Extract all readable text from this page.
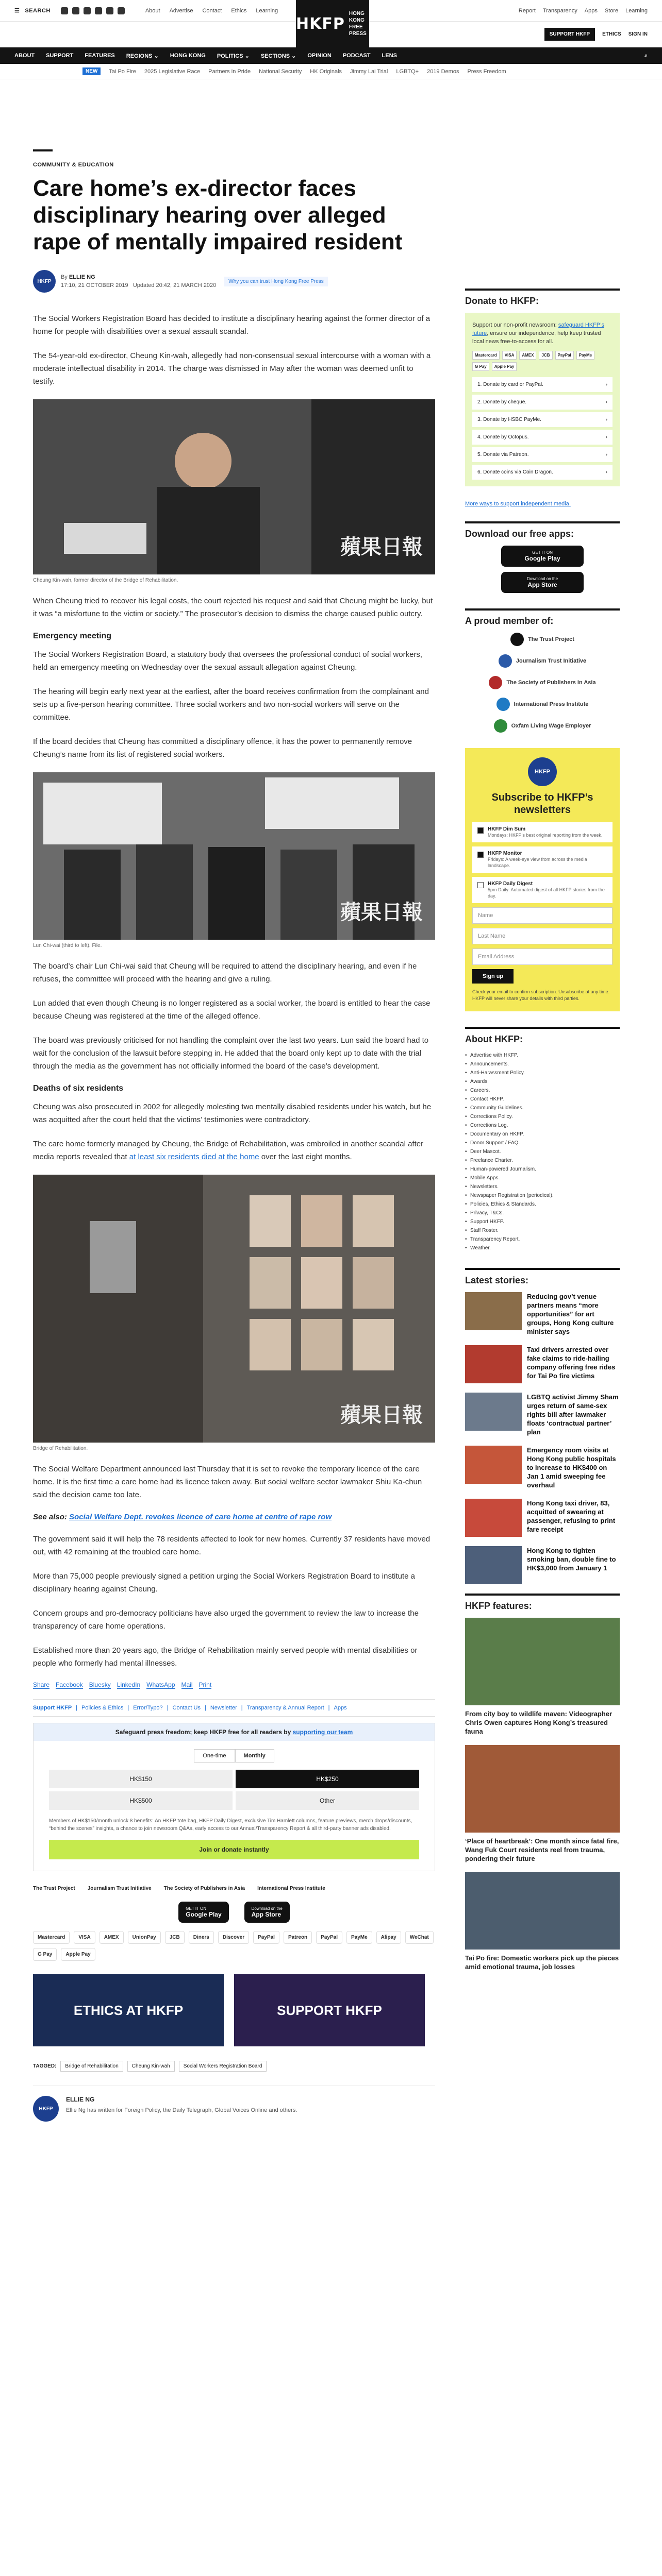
☰ SEARCH	About Advertise Contact Ethics Learning	Report Transparency Apps Store Learning
HKFP
HONG KONG
FREE PRESS	SUPPORT HKFP	ETHICS SIGN IN
ABOUT SUPPORT FEATURES REGIONS ⌄ HONG KONG POLITICS ⌄ SECTIONS ⌄ OPINION PODCAST LENS	⌕
NEW	Tai Po Fire 2025 Legislative Race Partners in Pride National Security HK Originals Jimmy Lai Trial LGBTQ+ 2019 Demos Press Freedom
COMMUNITY & EDUCATION
Care home’s ex-director faces disciplinary hearing over alleged rape of mentally impaired resident
HKFP
By ELLIE NG
17:10, 21 OCTOBER 2019 Updated 20:42, 21 MARCH 2020
Why you can trust Hong Kong Free Press

The Social Workers Registration Board has decided to institute a disciplinary hearing against the former director of a home for people with disabilities over a sexual assault scandal.

The 54-year-old ex-director, Cheung Kin-wah, allegedly had non-consensual sexual intercourse with a woman with a moderate intellectual disability in 2014. The charge was dismissed in May after the woman was deemed unfit to testify.

蘋果日報
Cheung Kin-wah, former director of the Bridge of Rehabilitation.

When Cheung tried to recover his legal costs, the court rejected his request and said that Cheung might be lucky, but it was “a misfortune to the victim or society.” The prosecutor’s decision to dismiss the charge caused public outcry.

Emergency meeting

The Social Workers Registration Board, a statutory body that oversees the professional conduct of social workers, held an emergency meeting on Wednesday over the sexual assault allegation against Cheung.

The hearing will begin early next year at the earliest, after the board receives confirmation from the complainant and sets up a five-person hearing committee. Three social workers and two non-social workers will serve on the committee.

If the board decides that Cheung has committed a disciplinary offence, it has the power to permanently remove Cheung’s name from its list of registered social workers.

蘋果日報
Lun Chi-wai (third to left). File.

The board’s chair Lun Chi-wai said that Cheung will be required to attend the disciplinary hearing, and even if he refuses, the committee will proceed with the hearing and give a ruling.

Lun added that even though Cheung is no longer registered as a social worker, the board is entitled to hear the case because Cheung was registered at the time of the alleged offence.

The board was previously criticised for not handling the complaint over the last two years. Lun said the board had to wait for the conclusion of the lawsuit before stepping in. He added that the board only kept up to date with the trial through the media as the government has not officially informed the board of the case’s development.

Deaths of six residents

Cheung was also prosecuted in 2002 for allegedly molesting two mentally disabled residents under his watch, but he was acquitted after the court held that the victims’ testimonies were contradictory.

The care home formerly managed by Cheung, the Bridge of Rehabilitation, was embroiled in another scandal after media reports revealed that at least six residents died at the home over the last eight months.

蘋果日報
Bridge of Rehabilitation.

The Social Welfare Department announced last Thursday that it is set to revoke the temporary licence of the care home. It is the first time a care home had its licence taken away. But social welfare sector lawmaker Shiu Ka-chun said the decision came too late.

See also: Social Welfare Dept. revokes licence of care home at centre of rape row

The government said it will help the 78 residents affected to look for new homes. Currently 37 residents have moved out, with 42 remaining at the troubled care home.

More than 75,000 people previously signed a petition urging the Social Workers Registration Board to institute a disciplinary hearing against Cheung.

Concern groups and pro-democracy politicians have also urged the government to review the law to increase the transparency of care home operations.

Established more than 20 years ago, the Bridge of Rehabilitation mainly served people with mental disabilities or people who formerly had mental illnesses.

Share Facebook Bluesky LinkedIn WhatsApp Mail Print
Support HKFP | Policies & Ethics | Error/Typo? | Contact Us | Newsletter | Transparency & Annual Report | Apps
Safeguard press freedom; keep HKFP free for all readers by supporting our team
One-time	Monthly
HK$150	HK$250
HK$500	Other
Members of HK$150/month unlock 8 benefits: An HKFP tote bag, HKFP Daily Digest, exclusive Tim Hamlett columns, feature previews, merch drops/discounts, “behind the scenes” insights, a chance to join newsroom Q&As, early access to our Annual/Transparency Report & all third-party banner ads disabled.
Join or donate instantly
The Trust Project Journalism Trust Initiative The Society of Publishers in Asia International Press Institute
GET IT ON
Google Play
Download on the
App Store
Mastercard	VISA	AMEX	UnionPay	JCB	Diners	Discover	PayPal	Patreon	PayPal	PayMe	Alipay	WeChat
G Pay	Apple Pay
ETHICS AT HKFP	SUPPORT HKFP
TAGGED:	Bridge of Rehabilitation	Cheung Kin-wah	Social Workers Registration Board
HKFP
ELLIE NG
Ellie Ng has written for Foreign Policy, the Daily Telegraph, Global Voices Online and others.
Donate to HKFP:
Support our non-profit newsroom: safeguard HKFP’s future, ensure our independence, help keep trusted local news free-to-access for all.
Mastercard	VISA	AMEX	JCB	PayPal	PayMe
G Pay	Apple Pay
1. Donate by card or PayPal.	›
2. Donate by cheque.	›
3. Donate by HSBC PayMe.	›
4. Donate by Octopus.	›
5. Donate via Patreon.	›
6. Donate coins via Coin Dragon.	›
More ways to support independent media.
Download our free apps:
GET IT ON
Google Play
Download on the
App Store
A proud member of:
The Trust Project
Journalism Trust Initiative
The Society of Publishers in Asia
International Press Institute
Oxfam Living Wage Employer
HKFP
Subscribe to HKFP’s newsletters
HKFP Dim Sum
Mondays: HKFP’s best original reporting from the week.
HKFP Monitor
Fridays: A week-eye view from across the media landscape.
HKFP Daily Digest
5pm Daily: Automated digest of all HKFP stories from the day.
Name
Last Name
Email Address
Sign up
Check your email to confirm subscription. Unsubscribe at any time. HKFP will never share your details with third parties.
About HKFP:
• Advertise with HKFP.
• Announcements.
• Anti-Harassment Policy.
• Awards.
• Careers.
• Contact HKFP.
• Community Guidelines.
• Corrections Policy.
• Corrections Log.
• Documentary on HKFP.
• Donor Support / FAQ.
• Deer Mascot.
• Freelance Charter.
• Human-powered Journalism.
• Mobile Apps.
• Newsletters.
• Newspaper Registration (periodical).
• Policies, Ethics & Standards.
• Privacy, T&Cs.
• Support HKFP.
• Staff Roster.
• Transparency Report.
• Weather.
Latest stories:
Reducing gov’t venue partners means “more opportunities” for art groups, Hong Kong culture minister says
Taxi drivers arrested over fake claims to ride-hailing company offering free rides for Tai Po fire victims
LGBTQ activist Jimmy Sham urges return of same-sex rights bill after lawmaker floats ‘contractual partner’ plan
Emergency room visits at Hong Kong public hospitals to increase to HK$400 on Jan 1 amid sweeping fee overhaul
Hong Kong taxi driver, 83, acquitted of swearing at passenger, refusing to print fare receipt
Hong Kong to tighten smoking ban, double fine to HK$3,000 from January 1
HKFP features:
From city boy to wildlife maven: Videographer Chris Owen captures Hong Kong’s treasured fauna
‘Place of heartbreak’: One month since fatal fire, Wang Fuk Court residents reel from trauma, pondering their future
Tai Po fire: Domestic workers pick up the pieces amid emotional trauma, job losses
